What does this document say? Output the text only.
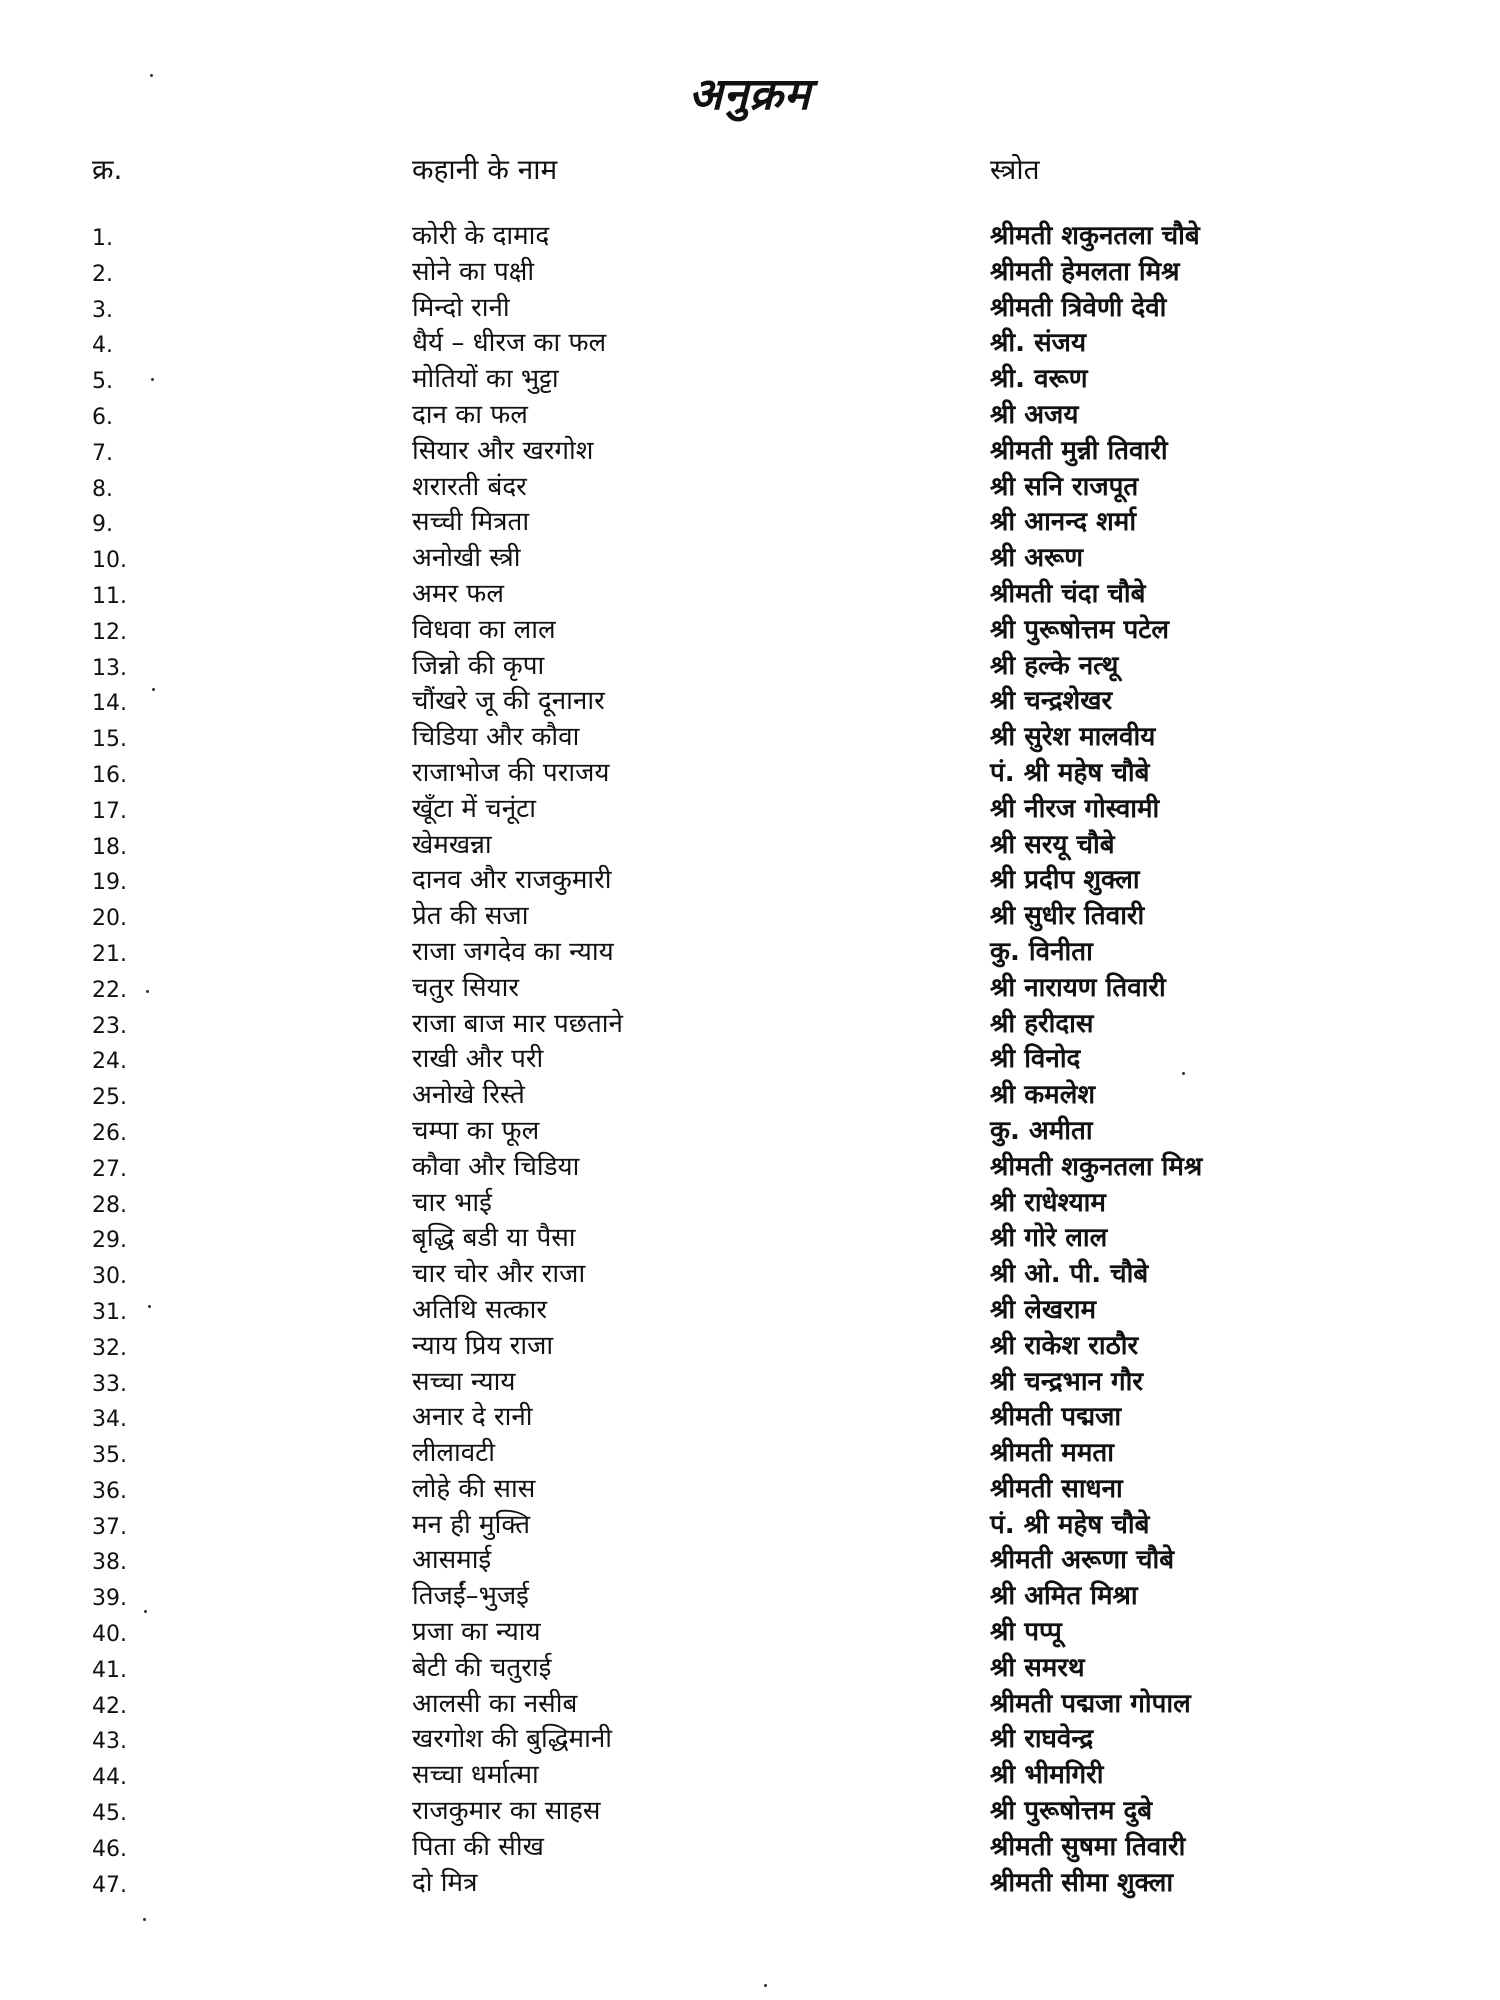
अनुक्रम
क्र.	कहानी के नाम	स्त्रोत
1.	कोरी के दामाद	श्रीमती शकुनतला चौबे
2.	सोने का पक्षी	श्रीमती हेमलता मिश्र
3.	मिन्दो रानी	श्रीमती त्रिवेणी देवी
4.	धैर्य – धीरज का फल	श्री. संजय
5.	मोतियों का भुट्टा	श्री. वरूण
6.	दान का फल	श्री अजय
7.	सियार और खरगोश	श्रीमती मुन्नी तिवारी
8.	शरारती बंदर	श्री सनि राजपूत
9.	सच्ची मित्रता	श्री आनन्द शर्मा
10.	अनोखी स्त्री	श्री अरूण
11.	अमर फल	श्रीमती चंदा चौबे
12.	विधवा का लाल	श्री पुरूषोत्तम पटेल
13.	जिन्नो की कृपा	श्री हल्के नत्थू
14.	चौंखरे जू की दूनानार	श्री चन्द्रशेखर
15.	चिडिया और कौवा	श्री सुरेश मालवीय
16.	राजाभोज की पराजय	पं. श्री महेष चौबे
17.	खूँटा में चनूंटा	श्री नीरज गोस्वामी
18.	खेमखन्ना	श्री सरयू चौबे
19.	दानव और राजकुमारी	श्री प्रदीप शुक्ला
20.	प्रेत की सजा	श्री सुधीर तिवारी
21.	राजा जगदेव का न्याय	कु. विनीता
22.	चतुर सियार	श्री नारायण तिवारी
23.	राजा बाज मार पछताने	श्री हरीदास
24.	राखी और परी	श्री विनोद
25.	अनोखे रिस्ते	श्री कमलेश
26.	चम्पा का फूल	कु. अमीता
27.	कौवा और चिडिया	श्रीमती शकुनतला मिश्र
28.	चार भाई	श्री राधेश्याम
29.	बृद्धि बडी या पैसा	श्री गोरे लाल
30.	चार चोर और राजा	श्री ओ. पी. चौबे
31.	अतिथि सत्कार	श्री लेखराम
32.	न्याय प्रिय राजा	श्री राकेश राठौर
33.	सच्चा न्याय	श्री चन्द्रभान गौर
34.	अनार दे रानी	श्रीमती पद्मजा
35.	लीलावटी	श्रीमती ममता
36.	लोहे की सास	श्रीमती साधना
37.	मन ही मुक्ति	पं. श्री महेष चौबे
38.	आसमाई	श्रीमती अरूणा चौबे
39.	तिजईं–भुजई	श्री अमित मिश्रा
40.	प्रजा का न्याय	श्री पप्पू
41.	बेटी की चतुराई	श्री समरथ
42.	आलसी का नसीब	श्रीमती पद्मजा गोपाल
43.	खरगोश की बुद्धिमानी	श्री राघवेन्द्र
44.	सच्चा धर्मात्मा	श्री भीमगिरी
45.	राजकुमार का साहस	श्री पुरूषोत्तम दुबे
46.	पिता की सीख	श्रीमती सुषमा तिवारी
47.	दो मित्र	श्रीमती सीमा शुक्ला
